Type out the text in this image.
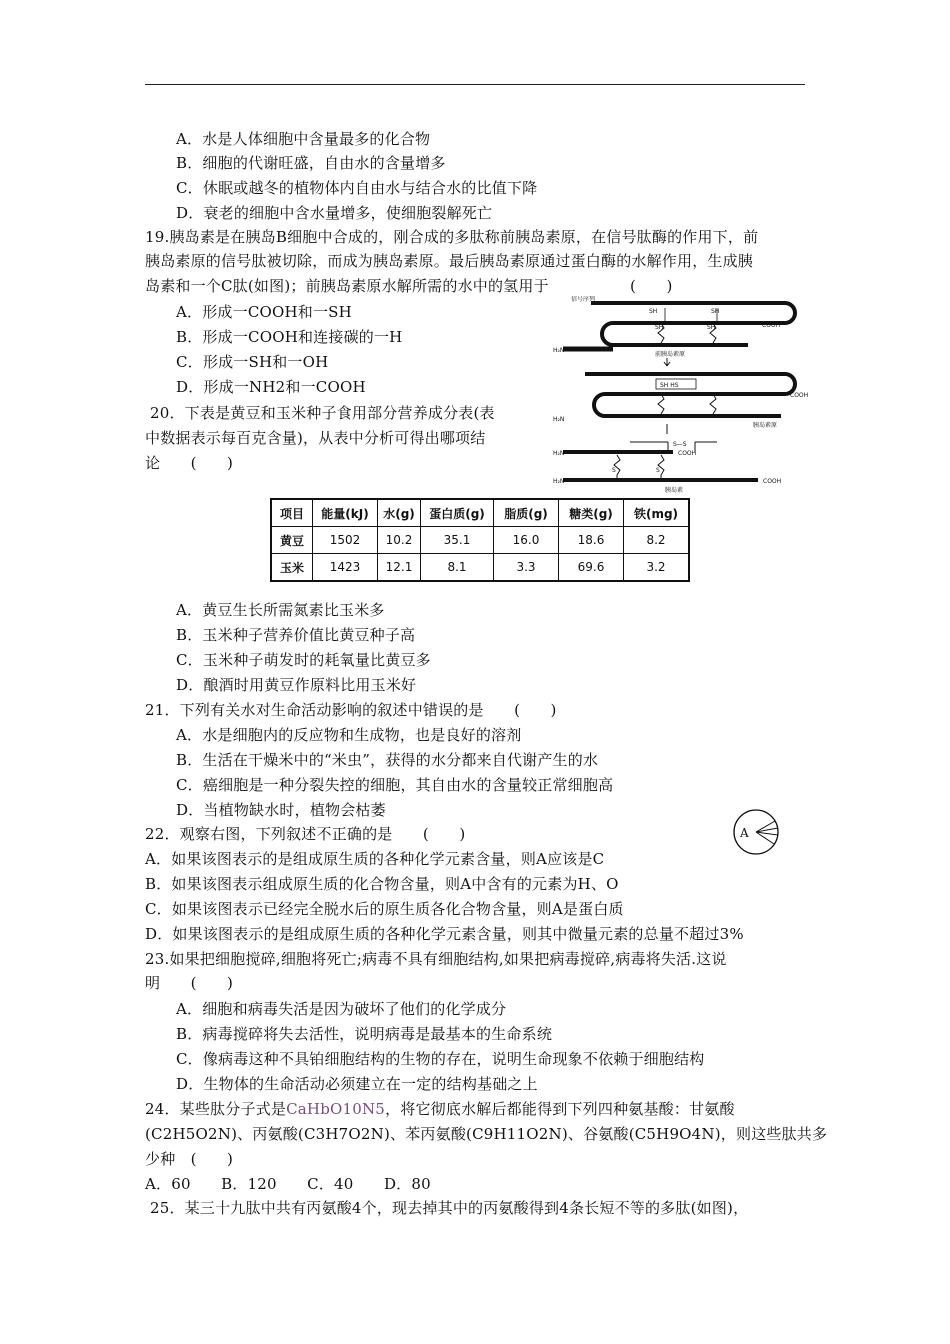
A．水是人体细胞中含量最多的化合物
B．细胞的代谢旺盛，自由水的含量增多
C．休眠或越冬的植物体内自由水与结合水的比值下降
D．衰老的细胞中含水量增多，使细胞裂解死亡
19.胰岛素是在胰岛B细胞中合成的，刚合成的多肽称前胰岛素原，在信号肽酶的作用下，前
胰岛素原的信号肽被切除，而成为胰岛素原。最后胰岛素原通过蛋白酶的水解作用，生成胰
岛素和一个C肽(如图)；前胰岛素原水解所需的水中的氢用于	(　　)
A．形成一COOH和一SH
B．形成一COOH和连接碳的一H
C．形成一SH和一OH
D．形成一NH2和一COOH
SH	SH
SH	SH	COOH
信号序列
H₂N
前胰岛素原
SH HS
COOH
H₂N
胰岛素原
S—S
H₂N	COOH
S	S
H₂N	COOH
胰岛素
20．下表是黄豆和玉米种子食用部分营养成分表(表
中数据表示每百克含量)，从表中分析可得出哪项结
论　　(　　)
项目	能量(kJ)	水(g)	蛋白质(g)	脂质(g)	糖类(g)	铁(mg)
黄豆	1502	10.2	35.1	16.0	18.6	8.2
玉米	1423	12.1	8.1	3.3	69.6	3.2
A．黄豆生长所需氮素比玉米多
B．玉米种子营养价值比黄豆种子高
C．玉米种子萌发时的耗氧量比黄豆多
D．酿酒时用黄豆作原料比用玉米好
21．下列有关水对生命活动影响的叙述中错误的是　　(　　)
A．水是细胞内的反应物和生成物，也是良好的溶剂
B．生活在干燥米中的“米虫”，获得的水分都来自代谢产生的水
C．癌细胞是一种分裂失控的细胞，其自由水的含量较正常细胞高
D．当植物缺水时，植物会枯萎
22．观察右图，下列叙述不正确的是　　(　　)	A
A．如果该图表示的是组成原生质的各种化学元素含量，则A应该是C
B．如果该图表示组成原生质的化合物含量，则A中含有的元素为H、O
C．如果该图表示已经完全脱水后的原生质各化合物含量，则A是蛋白质
D．如果该图表示的是组成原生质的各种化学元素含量，则其中微量元素的总量不超过3%
23.如果把细胞搅碎,细胞将死亡;病毒不具有细胞结构,如果把病毒搅碎,病毒将失活.这说
明　　(　　)
A．细胞和病毒失活是因为破坏了他们的化学成分
B．病毒搅碎将失去活性，说明病毒是最基本的生命系统
C．像病毒这种不具铂细胞结构的生物的存在，说明生命现象不依赖于细胞结构
D．生物体的生命活动必须建立在一定的结构基础之上
24．某些肽分子式是CaHbO10N5，将它彻底水解后都能得到下列四种氨基酸：甘氨酸
(C2H5O2N)、丙氨酸(C3H7O2N)、苯丙氨酸(C9H11O2N)、谷氨酸(C5H9O4N)，则这些肽共多
少种　(　　)
A．60　　B．120　　C．40　　D．80
25．某三十九肽中共有丙氨酸4个，现去掉其中的丙氨酸得到4条长短不等的多肽(如图)，
